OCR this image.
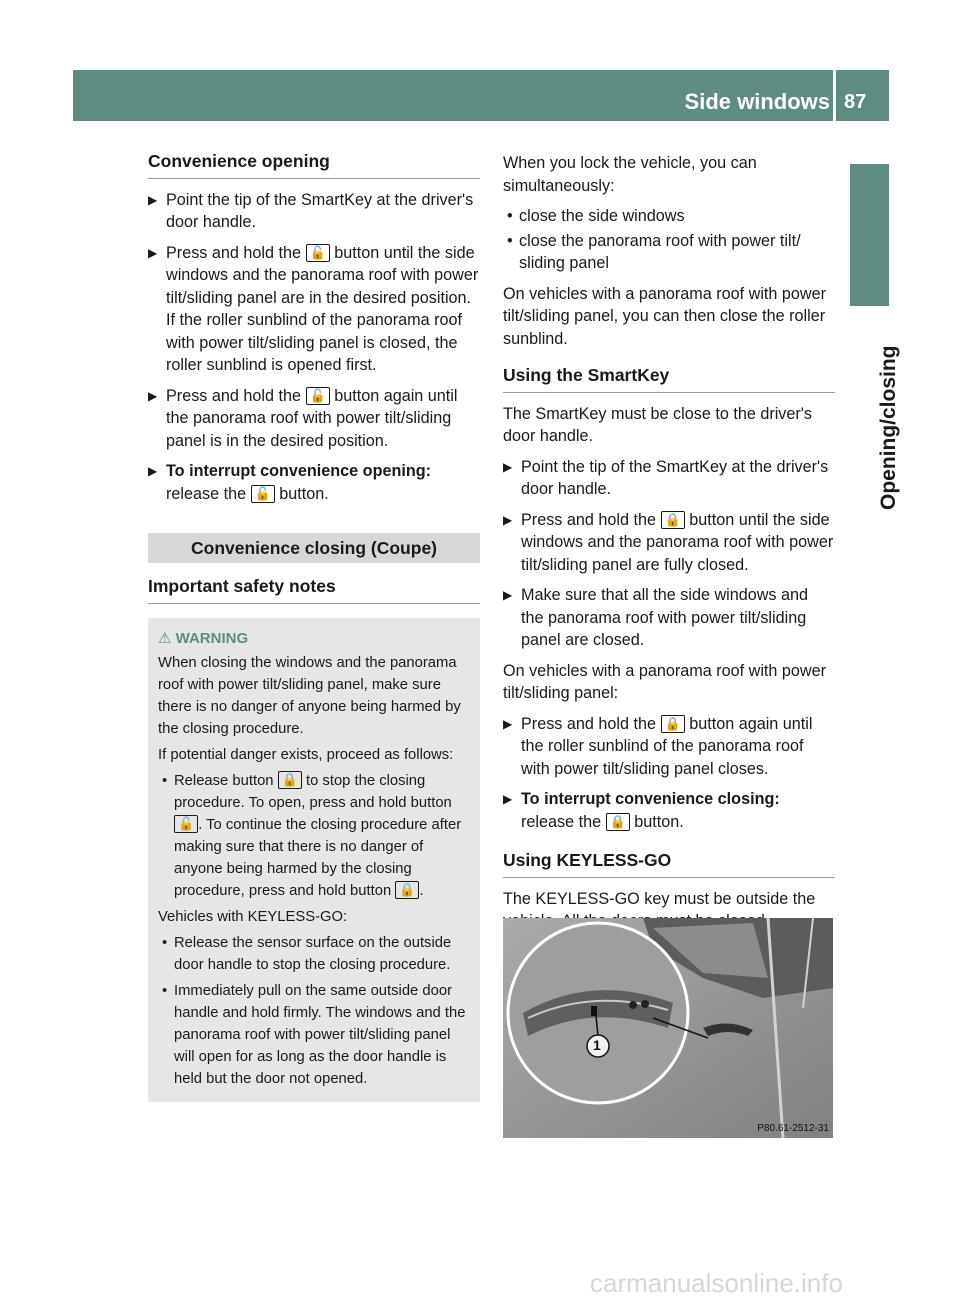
Side windows 87
Opening/closing
Convenience opening
▶ Point the tip of the SmartKey at the driver's door handle.
▶ Press and hold the 🔓 button until the side windows and the panorama roof with power tilt/sliding panel are in the desired position.
If the roller sunblind of the panorama roof with power tilt/sliding panel is closed, the roller sunblind is opened first.
▶ Press and hold the 🔓 button again until the panorama roof with power tilt/sliding panel is in the desired position.
▶ To interrupt convenience opening:
release the 🔓 button.
Convenience closing (Coupe)
Important safety notes
⚠ WARNING

When closing the windows and the panorama roof with power tilt/sliding panel, make sure there is no danger of anyone being harmed by the closing procedure.

If potential danger exists, proceed as follows:

• Release button 🔒 to stop the closing procedure. To open, press and hold button 🔓 . To continue the closing procedure after making sure that there is no danger of anyone being harmed by the closing procedure, press and hold button 🔒 .

Vehicles with KEYLESS-GO:

• Release the sensor surface on the outside door handle to stop the closing procedure.
• Immediately pull on the same outside door handle and hold firmly. The windows and the panorama roof with power tilt/sliding panel will open for as long as the door handle is held but the door not opened.

When you lock the vehicle, you can simultaneously:

• close the side windows
• close the panorama roof with power tilt/ sliding panel

On vehicles with a panorama roof with power tilt/sliding panel, you can then close the roller sunblind.

Using the SmartKey

The SmartKey must be close to the driver's door handle.

▶ Point the tip of the SmartKey at the driver's door handle.
▶ Press and hold the 🔒 button until the side windows and the panorama roof with power tilt/sliding panel are fully closed.
▶ Make sure that all the side windows and the panorama roof with power tilt/sliding panel are closed.

On vehicles with a panorama roof with power tilt/sliding panel:

▶ Press and hold the 🔒 button again until the roller sunblind of the panorama roof with power tilt/sliding panel closes.
▶ To interrupt convenience closing:
release the 🔒 button.
Using KEYLESS-GO

The KEYLESS-GO key must be outside the

1
P80.61-2512-31
carmanualsonline.info
